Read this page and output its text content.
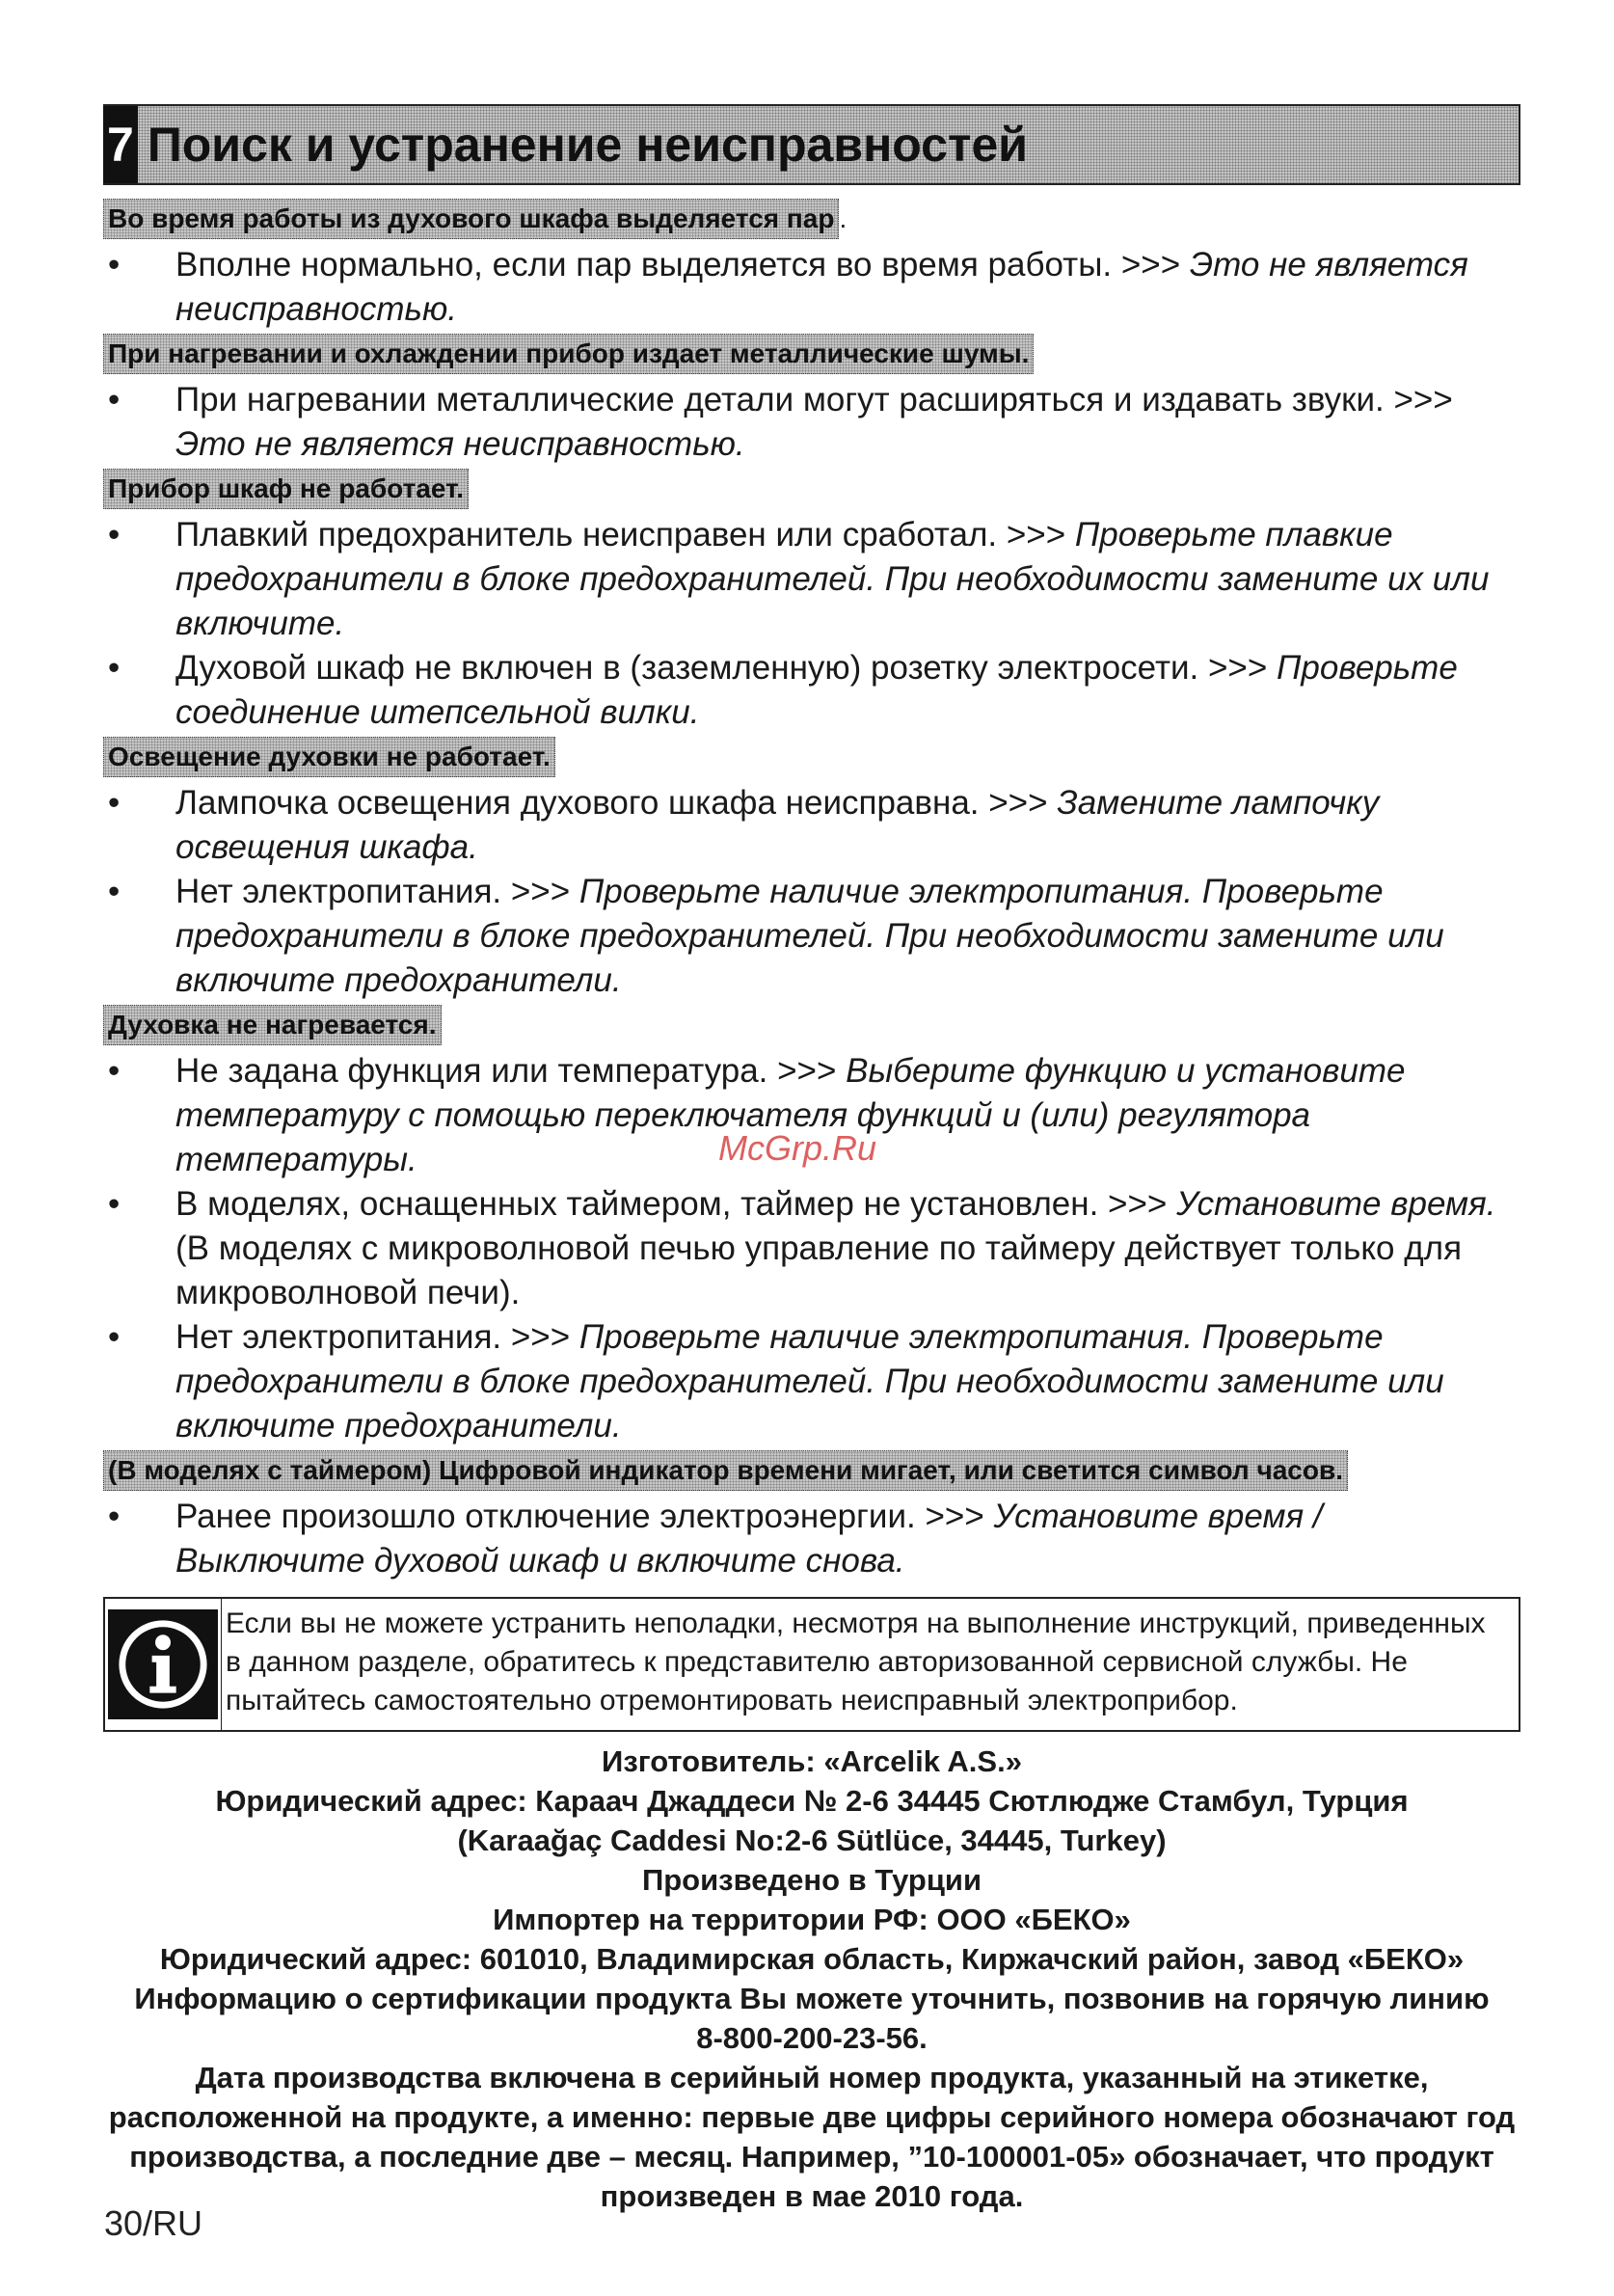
7 Поиск и устранение неисправностей
Во время работы из духового шкафа выделяется пар .
• Вполне нормально, если пар выделяется во время работы. >>> Это не является неисправностью.
При нагревании и охлаждении прибор издает металлические шумы.
• При нагревании металлические детали могут расширяться и издавать звуки. >>> Это не является неисправностью.
Прибор шкаф не работает.
• Плавкий предохранитель неисправен или сработал. >>> Проверьте плавкие предохранители в блоке предохранителей. При необходимости замените их или включите.
• Духовой шкаф не включен в (заземленную) розетку электросети. >>> Проверьте соединение штепсельной вилки.
Освещение духовки не работает.
• Лампочка освещения духового шкафа неисправна. >>> Замените лампочку освещения шкафа.
• Нет электропитания. >>> Проверьте наличие электропитания. Проверьте предохранители в блоке предохранителей. При необходимости замените или включите предохранители.
Духовка не нагревается.
• Не задана функция или температура. >>> Выберите функцию и установите температуру с помощью переключателя функций и (или) регулятора температуры.
• В моделях, оснащенных таймером, таймер не установлен. >>> Установите время.
(В моделях с микроволновой печью управление по таймеру действует только для микроволновой печи).
• Нет электропитания. >>> Проверьте наличие электропитания. Проверьте предохранители в блоке предохранителей. При необходимости замените или включите предохранители.
(В моделях с таймером) Цифровой индикатор времени мигает, или светится символ часов.
• Ранее произошло отключение электроэнергии. >>> Установите время / Выключите духовой шкаф и включите снова.
Если вы не можете устранить неполадки, несмотря на выполнение инструкций, приведенных в данном разделе, обратитесь к представителю авторизованной сервисной службы. Не пытайтесь самостоятельно отремонтировать неисправный электроприбор.
Изготовитель: «Arcelik A.S.»
Юридический адрес: Караач Джаддеси № 2-6 34445 Сютлюдже Стамбул, Турция
(Karaağaç Caddesi No:2-6 Sütlüce, 34445, Turkey)
Произведено в Турции
Импортер на территории РФ: ООО «БЕКО»
Юридический адрес: 601010, Владимирская область, Киржачский район, завод «БЕКО»
Информацию о сертификации продукта Вы можете уточнить, позвонив на горячую линию
8-800-200-23-56.
Дата производства включена в серийный номер продукта, указанный на этикетке, расположенной на продукте, а именно: первые две цифры серийного номера обозначают год производства, а последние две – месяц. Например, ”10-100001-05» обозначает, что продукт произведен в мае 2010 года.
McGrp.Ru
30/RU
